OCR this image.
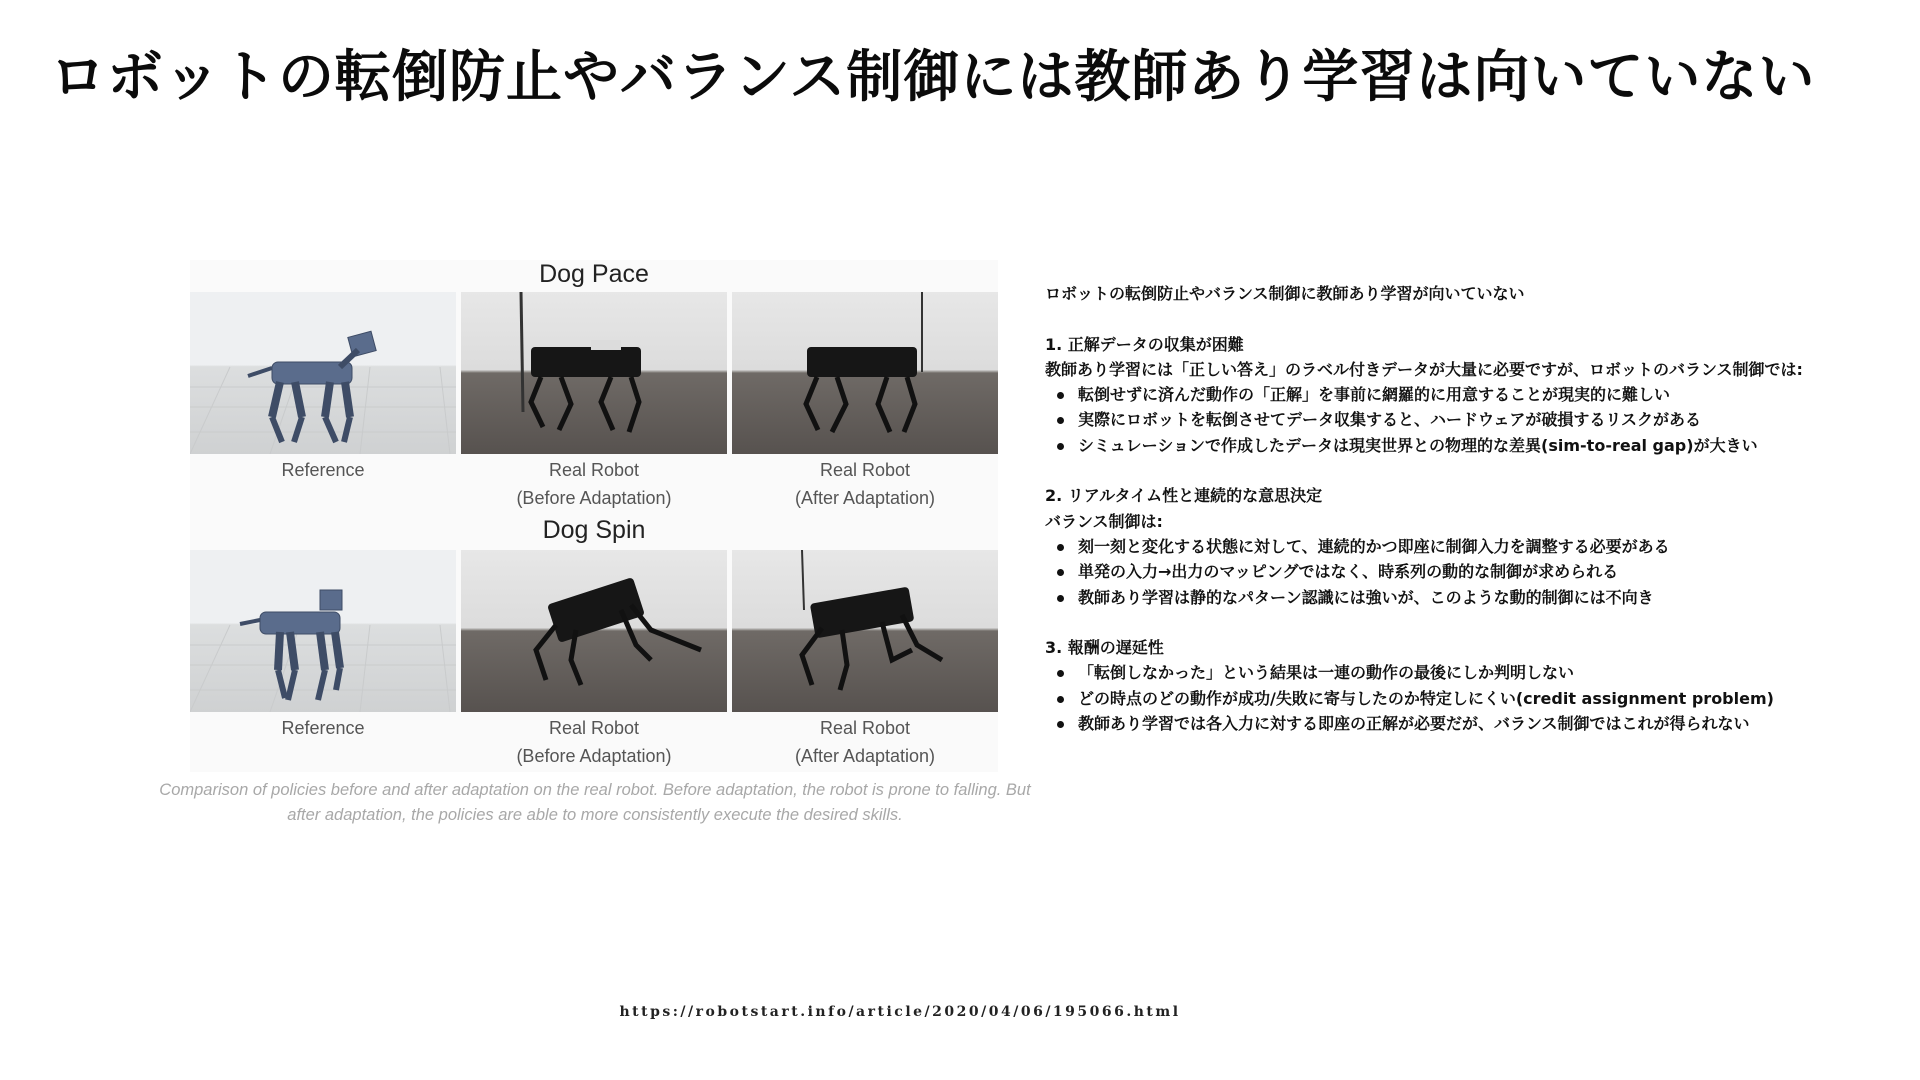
ロボットの転倒防止やバランス制御には教師あり学習は向いていない
Dog Pace
Reference	Real Robot
(Before Adaptation)
Real Robot
(After Adaptation)
Dog Spin
Reference	Real Robot
(Before Adaptation)
Real Robot
(After Adaptation)
Comparison of policies before and after adaptation on the real robot. Before adaptation, the robot is prone to falling. But
after adaptation, the policies are able to more consistently execute the desired skills.

ロボットの転倒防止やバランス制御に教師あり学習が向いていない

1. 正解データの収集が困難

教師あり学習には「正しい答え」のラベル付きデータが大量に必要ですが、ロボットのバランス制御では:

転倒せずに済んだ動作の「正解」を事前に網羅的に用意することが現実的に難しい
実際にロボットを転倒させてデータ収集すると、ハードウェアが破損するリスクがある
シミュレーションで作成したデータは現実世界との物理的な差異(sim-to-real gap)が大きい

2. リアルタイム性と連続的な意思決定

バランス制御は:

刻一刻と変化する状態に対して、連続的かつ即座に制御入力を調整する必要がある
単発の入力→出力のマッピングではなく、時系列の動的な制御が求められる
教師あり学習は静的なパターン認識には強いが、このような動的制御には不向き

3. 報酬の遅延性

「転倒しなかった」という結果は一連の動作の最後にしか判明しない
どの時点のどの動作が成功/失敗に寄与したのか特定しにくい(credit assignment problem)
教師あり学習では各入力に対する即座の正解が必要だが、バランス制御ではこれが得られない
https://robotstart.info/article/2020/04/06/195066.html
